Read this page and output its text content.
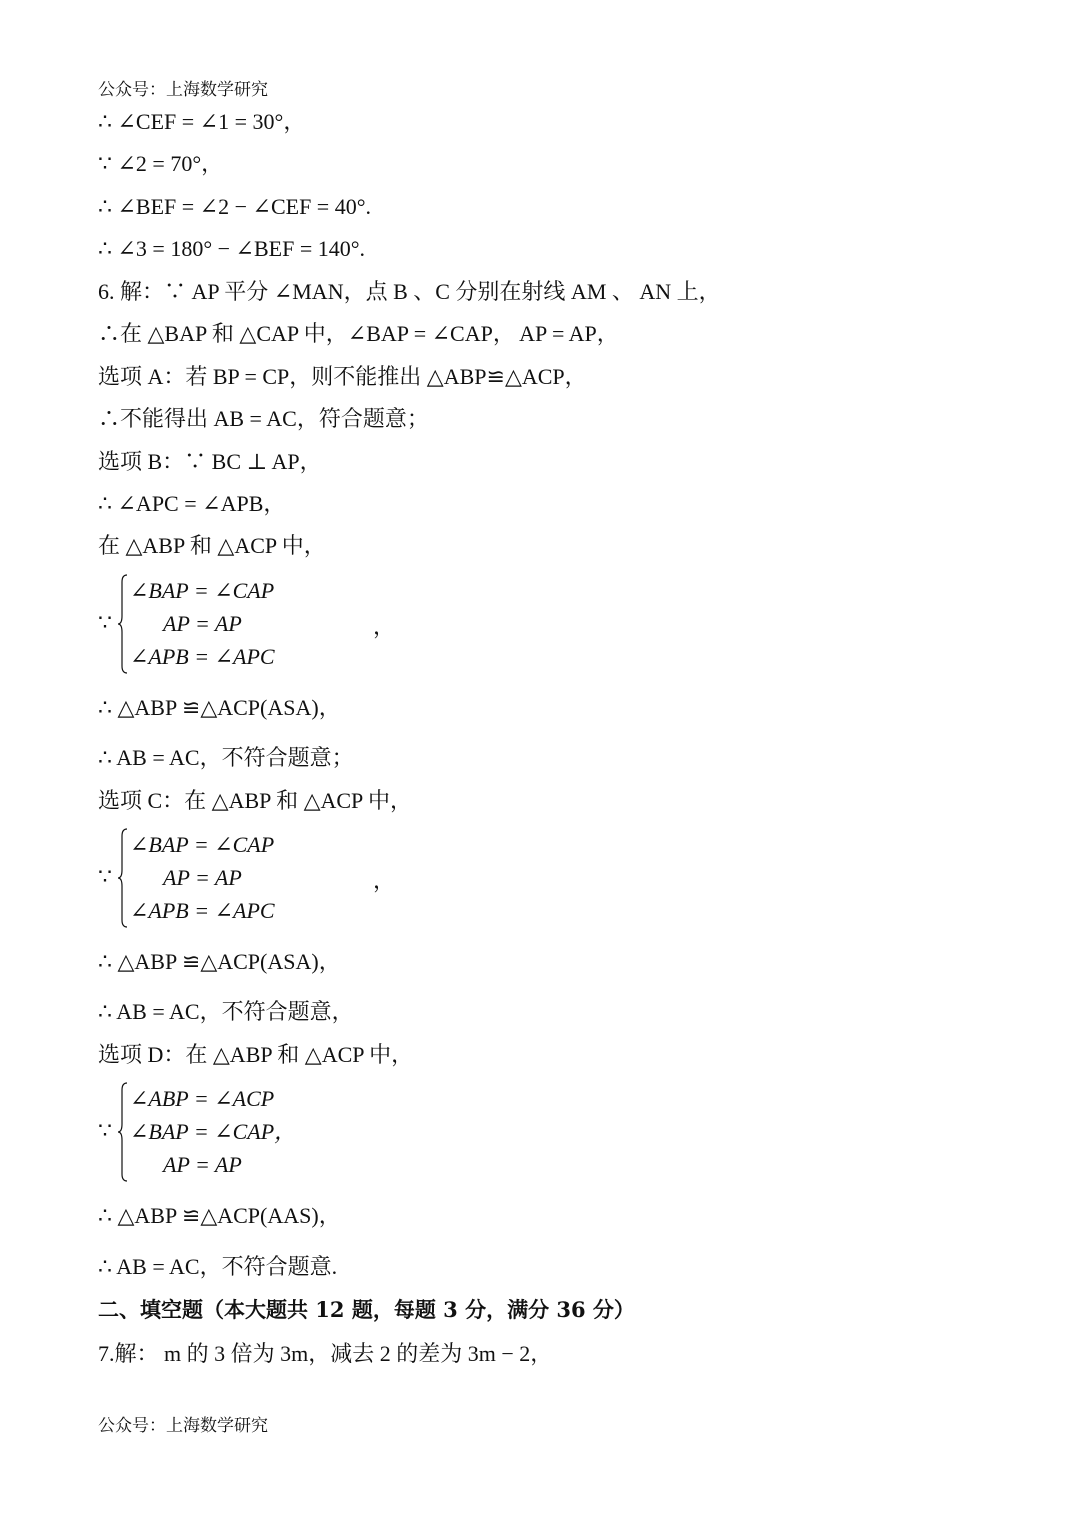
公众号：上海数学研究
∴ ∠CEF = ∠1 = 30°，
∵ ∠2 = 70°，
∴ ∠BEF = ∠2 − ∠CEF = 40°.
∴ ∠3 = 180° − ∠BEF = 140°.
6. 解：∵ AP 平分 ∠MAN，点 B 、C 分别在射线 AM 、 AN 上，
∴在 △BAP 和 △CAP 中，∠BAP = ∠CAP， AP = AP，
选项 A：若 BP = CP，则不能推出 △ABP≌△ACP，
∴不能得出 AB = AC，符合题意；
选项 B：∵ BC ⊥ AP，
∴ ∠APC = ∠APB，
在 △ABP 和 △ACP 中，
∵
∠BAP = ∠CAP
AP = AP
∠APB = ∠APC
，
∴ △ABP ≌△ACP(ASA)，
∴ AB = AC，不符合题意；
选项 C：在 △ABP 和 △ACP 中，
∵
∠BAP = ∠CAP
AP = AP
∠APB = ∠APC
，
∴ △ABP ≌△ACP(ASA)，
∴ AB = AC，不符合题意，
选项 D：在 △ABP 和 △ACP 中，
∵
∠ABP = ∠ACP
∠BAP = ∠CAP，
AP = AP
∴ △ABP ≌△ACP(AAS)，
∴ AB = AC，不符合题意.
二、填空题（本大题共 12 题，每题 3 分，满分 36 分）
7.解： m 的 3 倍为 3m，减去 2 的差为 3m − 2，
公众号：上海数学研究
